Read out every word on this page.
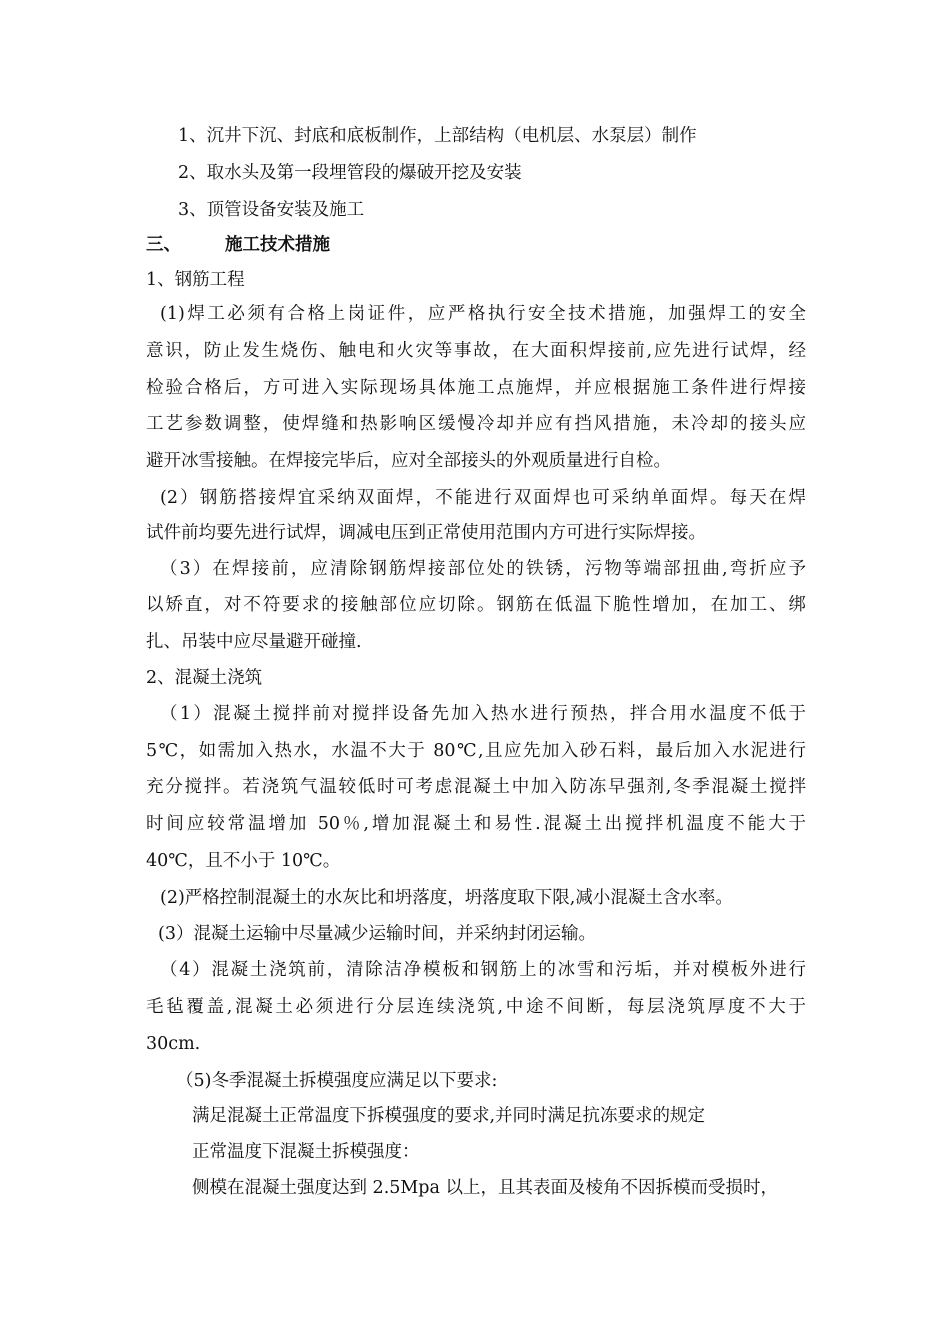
1、沉井下沉、封底和底板制作，上部结构（电机层、水泵层）制作
2、取水头及第一段埋管段的爆破开挖及安装
3、顶管设备安装及施工
三、	施工技术措施
1、钢筋工程
(1)焊工必须有合格上岗证件，应严格执行安全技术措施，加强焊工的安全
意识，防止发生烧伤、触电和火灾等事故，在大面积焊接前,应先进行试焊，经
检验合格后，方可进入实际现场具体施工点施焊，并应根据施工条件进行焊接
工艺参数调整，使焊缝和热影响区缓慢冷却并应有挡风措施，未冷却的接头应
避开冰雪接触。在焊接完毕后，应对全部接头的外观质量进行自检。
(2）钢筋搭接焊宜采纳双面焊，不能进行双面焊也可采纳单面焊。每天在焊
试件前均要先进行试焊，调减电压到正常使用范围内方可进行实际焊接。
（3）在焊接前，应清除钢筋焊接部位处的铁锈，污物等端部扭曲,弯折应予
以矫直，对不符要求的接触部位应切除。钢筋在低温下脆性增加，在加工、绑
扎、吊装中应尽量避开碰撞.
2、混凝土浇筑
（1）混凝土搅拌前对搅拌设备先加入热水进行预热，拌合用水温度不低于
5℃，如需加入热水，水温不大于 80℃,且应先加入砂石料，最后加入水泥进行
充分搅拌。若浇筑气温较低时可考虑混凝土中加入防冻早强剂,冬季混凝土搅拌
时间应较常温增加 50％,增加混凝土和易性.混凝土出搅拌机温度不能大于
40℃，且不小于 10℃。
(2)严格控制混凝土的水灰比和坍落度，坍落度取下限,减小混凝土含水率。
(3）混凝土运输中尽量减少运输时间，并采纳封闭运输。
（4）混凝土浇筑前，清除洁净模板和钢筋上的冰雪和污垢，并对模板外进行
毛毡覆盖,混凝土必须进行分层连续浇筑,中途不间断，每层浇筑厚度不大于
30cm.
（5)冬季混凝土拆模强度应满足以下要求:
满足混凝土正常温度下拆模强度的要求,并同时满足抗冻要求的规定
正常温度下混凝土拆模强度：
侧模在混凝土强度达到 2.5Mpa 以上，且其表面及棱角不因拆模而受损时，
